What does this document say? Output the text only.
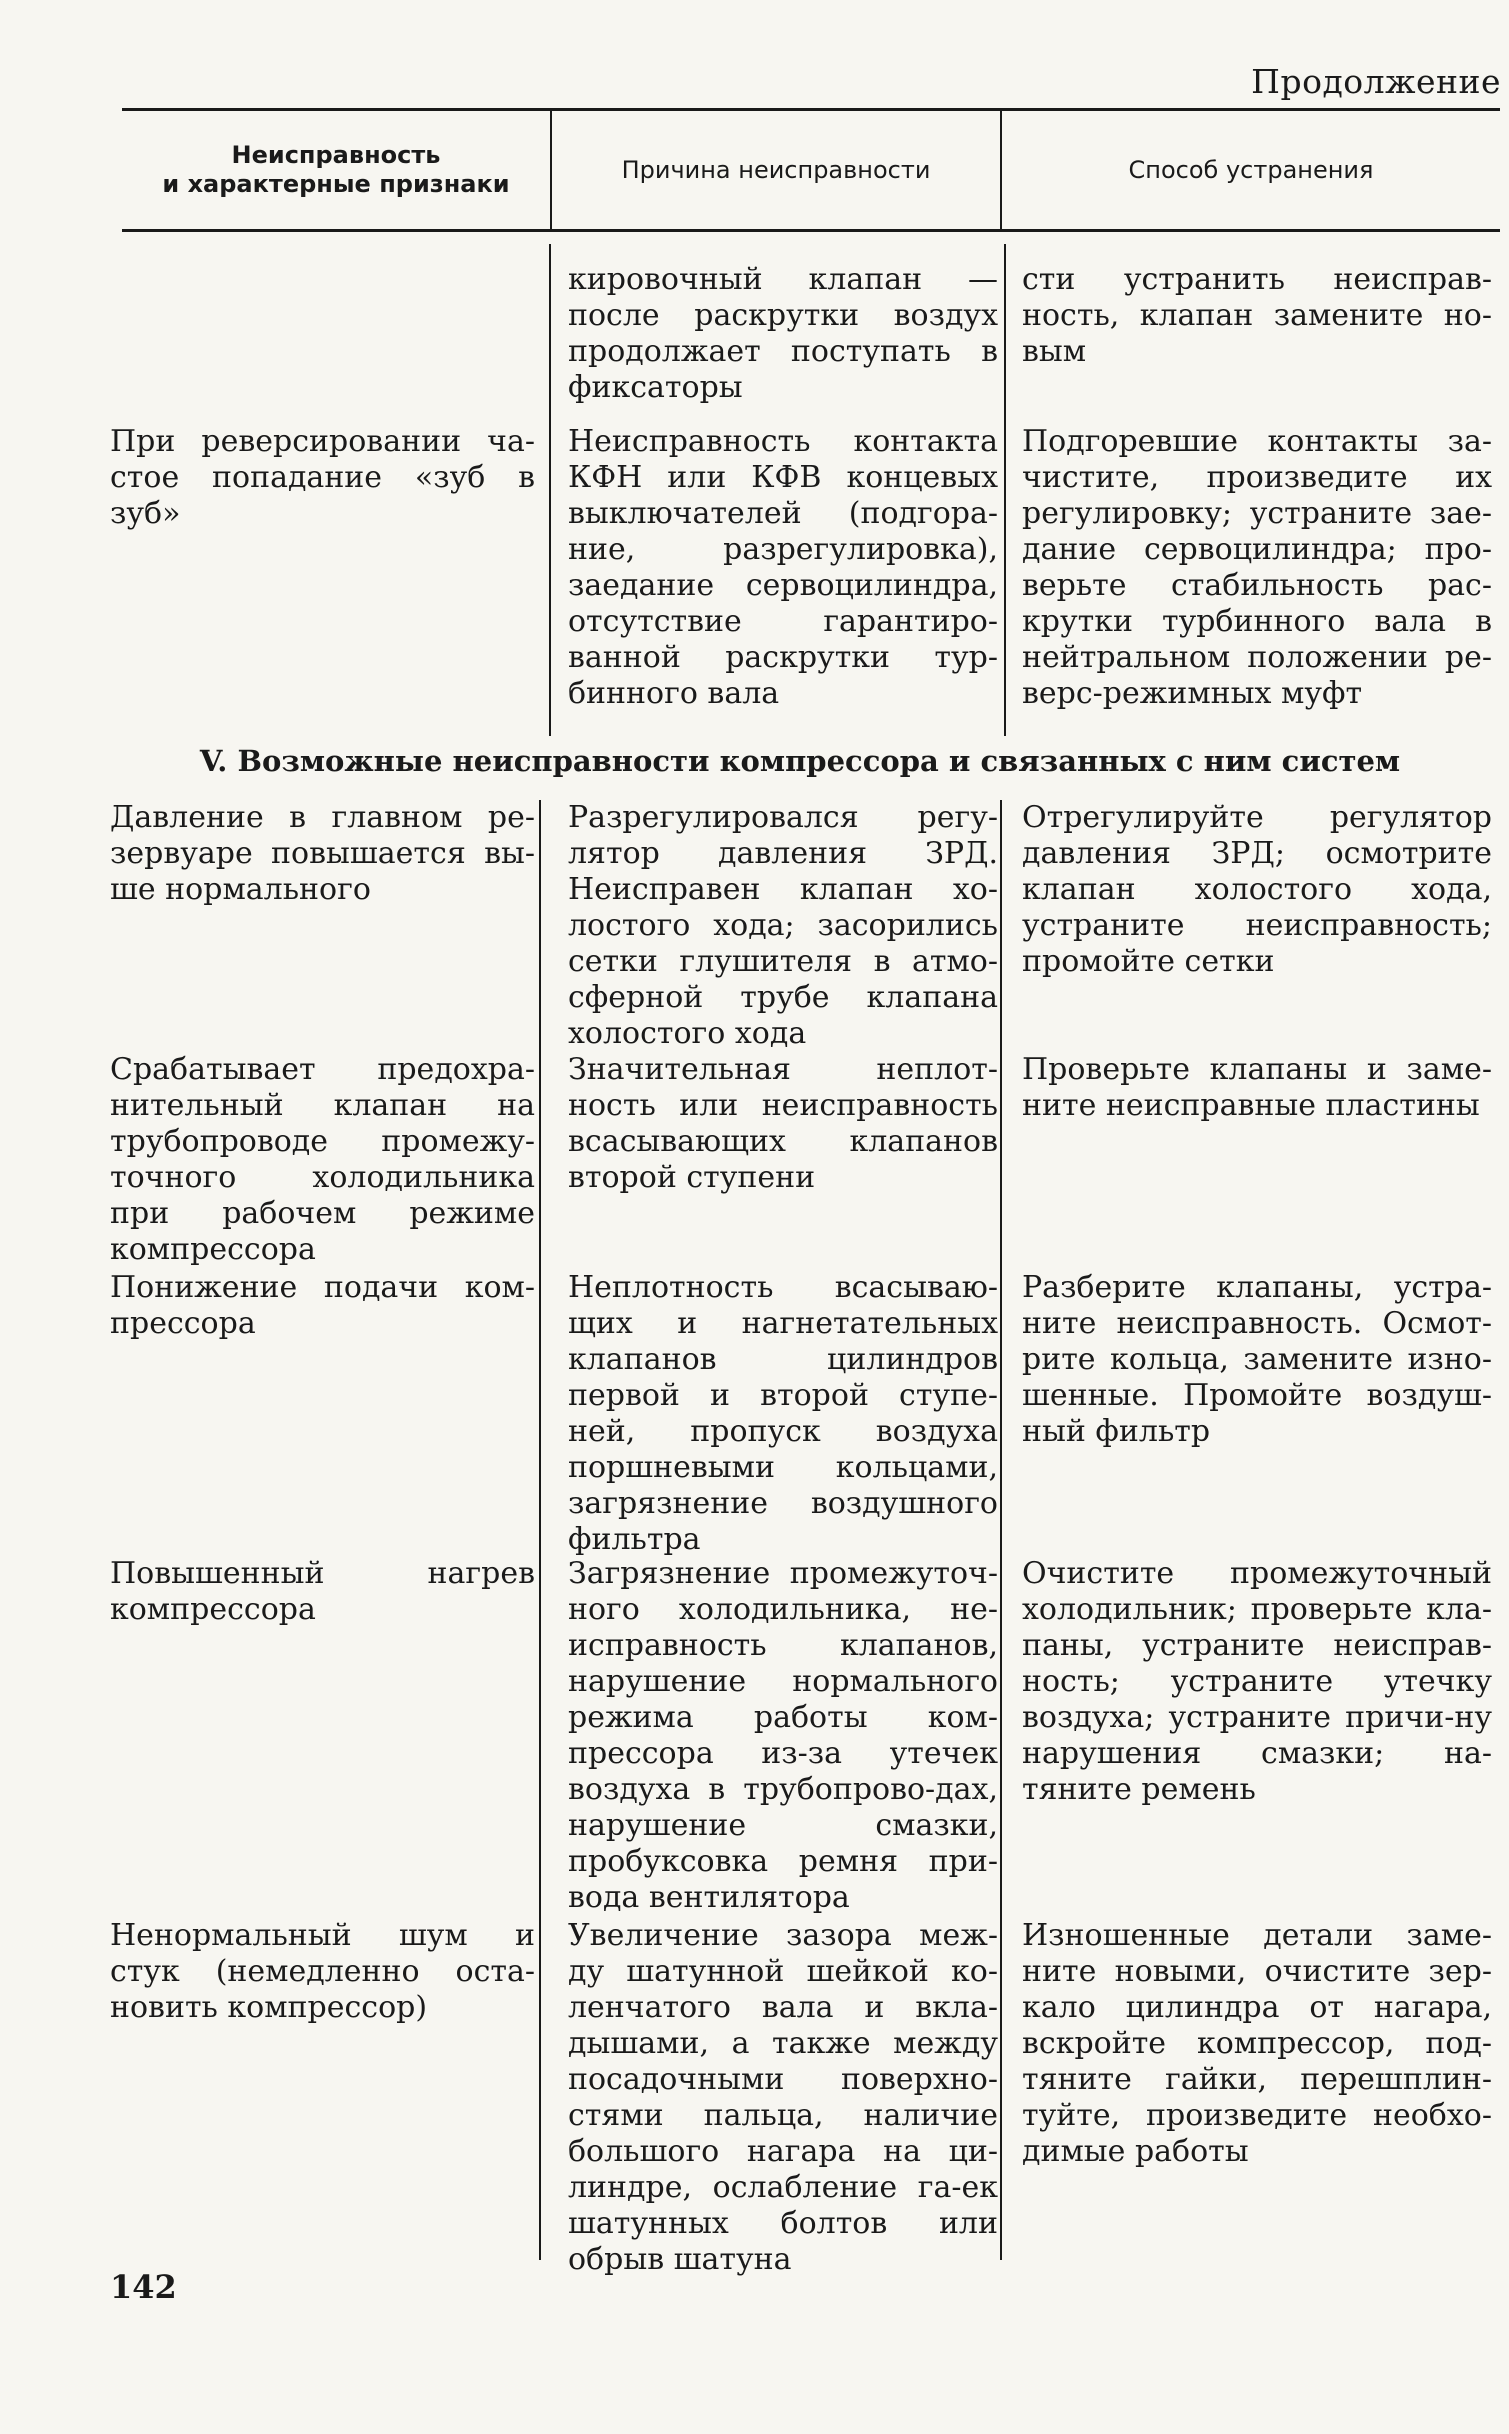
Продолжение
Неисправность
и характерные признаки
Причина неисправности	Способ устранения
кировочный клапан — после раскрутки воздух продолжает поступать в фиксаторы
сти устранить неисправ-ность, клапан замените но-вым
При реверсировании ча-стое попадание «зуб в зуб»
Неисправность контакта КФН или КФВ концевых выключателей (подгора-ние, разрегулировка), заедание сервоцилиндра, отсутствие гарантиро-ванной раскрутки тур-бинного вала
Подгоревшие контакты за-чистите, произведите их регулировку; устраните зае-дание сервоцилиндра; про-верьте стабильность рас-крутки турбинного вала в нейтральном положении ре-верс-режимных муфт
V. Возможные неисправности компрессора и связанных с ним систем
Давление в главном ре-зервуаре повышается вы-ше нормального
Разрегулировался регу-лятор давления ЗРД. Неисправен клапан хо-лостого хода; засорились сетки глушителя в атмо-сферной трубе клапана холостого хода
Отрегулируйте регулятор давления ЗРД; осмотрите клапан холостого хода, устраните неисправность; промойте сетки
Срабатывает предохра-нительный клапан на трубопроводе промежу-точного холодильника при рабочем режиме компрессора
Значительная неплот-ность или неисправность всасывающих клапанов второй ступени
Проверьте клапаны и заме-ните неисправные пластины
Понижение подачи ком-прессора
Неплотность всасываю-щих и нагнетательных клапанов цилиндров первой и второй ступе-ней, пропуск воздуха поршневыми кольцами, загрязнение воздушного фильтра
Разберите клапаны, устра-ните неисправность. Осмот-рите кольца, замените изно-шенные. Промойте воздуш-ный фильтр
Повышенный нагрев компрессора
Загрязнение промежуточ-ного холодильника, не-исправность клапанов, нарушение нормального режима работы ком-прессора из-за утечек воздуха в трубопрово-дах, нарушение смазки, пробуксовка ремня при-вода вентилятора
Очистите промежуточный холодильник; проверьте кла-паны, устраните неисправ-ность; устраните утечку воздуха; устраните причи-ну нарушения смазки; на-тяните ремень
Ненормальный шум и стук (немедленно оста-новить компрессор)
Увеличение зазора меж-ду шатунной шейкой ко-ленчатого вала и вкла-дышами, а также между посадочными поверхно-стями пальца, наличие большого нагара на ци-линдре, ослабление га-ек шатунных болтов или обрыв шатуна
Изношенные детали заме-ните новыми, очистите зер-кало цилиндра от нагара, вскройте компрессор, под-тяните гайки, перешплин-туйте, произведите необхо-димые работы
142
